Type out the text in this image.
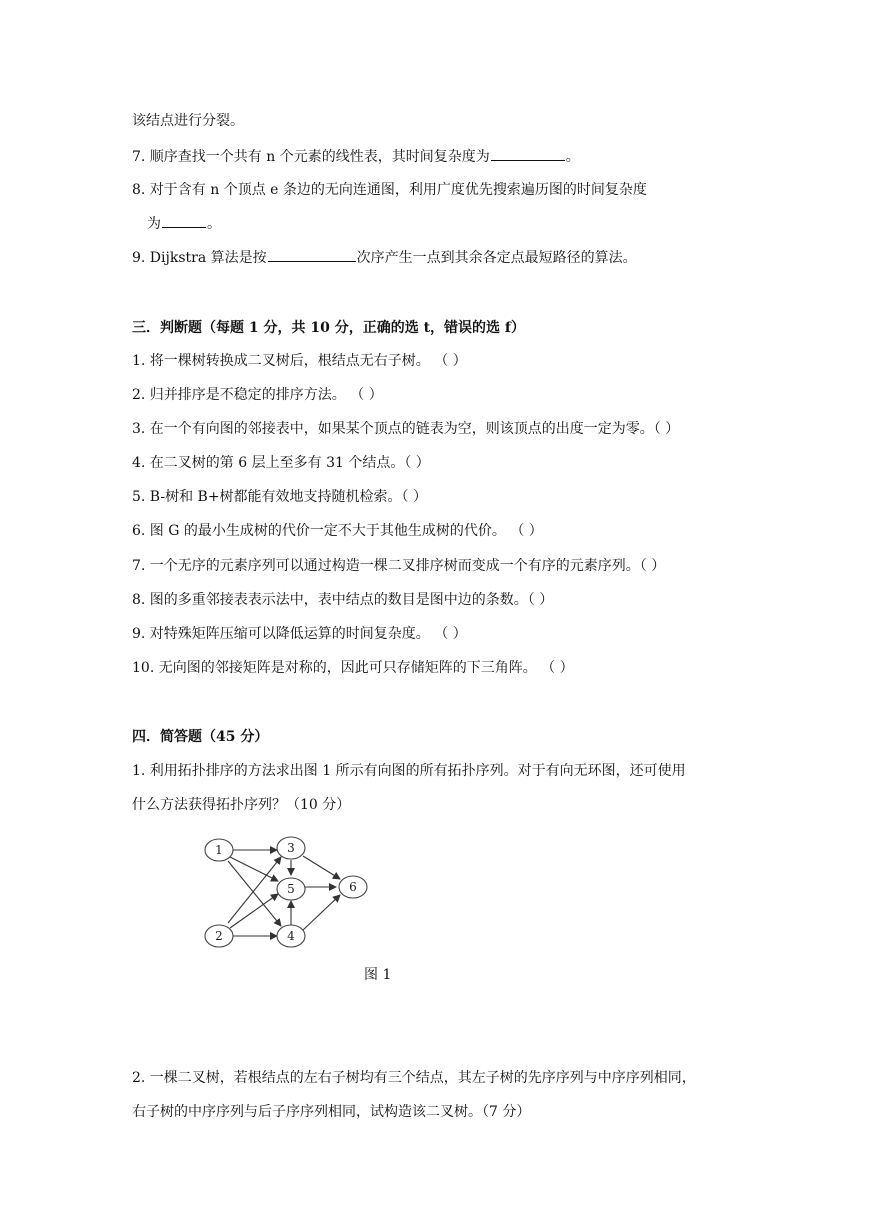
该结点进行分裂。
7. 顺序查找一个共有 n 个元素的线性表，其时间复杂度为	。
8. 对于含有 n 个顶点 e 条边的无向连通图，利用广度优先搜索遍历图的时间复杂度
为	。
9. Dijkstra 算法是按	次序产生一点到其余各定点最短路径的算法。
三．判断题（每题 1 分，共 10 分，正确的选 t，错误的选 f）
1. 将一棵树转换成二叉树后，根结点无右子树。 （ ）
2. 归并排序是不稳定的排序方法。 （ ）
3. 在一个有向图的邻接表中，如果某个顶点的链表为空，则该顶点的出度一定为零。（ ）
4. 在二叉树的第 6 层上至多有 31 个结点。（ ）
5. B-树和 B+树都能有效地支持随机检索。（ ）
6. 图 G 的最小生成树的代价一定不大于其他生成树的代价。 （ ）
7. 一个无序的元素序列可以通过构造一棵二叉排序树而变成一个有序的元素序列。（ ）
8. 图的多重邻接表表示法中，表中结点的数目是图中边的条数。（ ）
9. 对特殊矩阵压缩可以降低运算的时间复杂度。 （ ）
10. 无向图的邻接矩阵是对称的，因此可只存储矩阵的下三角阵。 （ ）
四．简答题（45 分）
1. 利用拓扑排序的方法求出图 1 所示有向图的所有拓扑序列。对于有向无环图，还可使用
什么方法获得拓扑序列？（10 分）
1
2
3
4
5	6
图 1
2. 一棵二叉树，若根结点的左右子树均有三个结点，其左子树的先序序列与中序序列相同，
右子树的中序序列与后子序序列相同，试构造该二叉树。（7 分）
